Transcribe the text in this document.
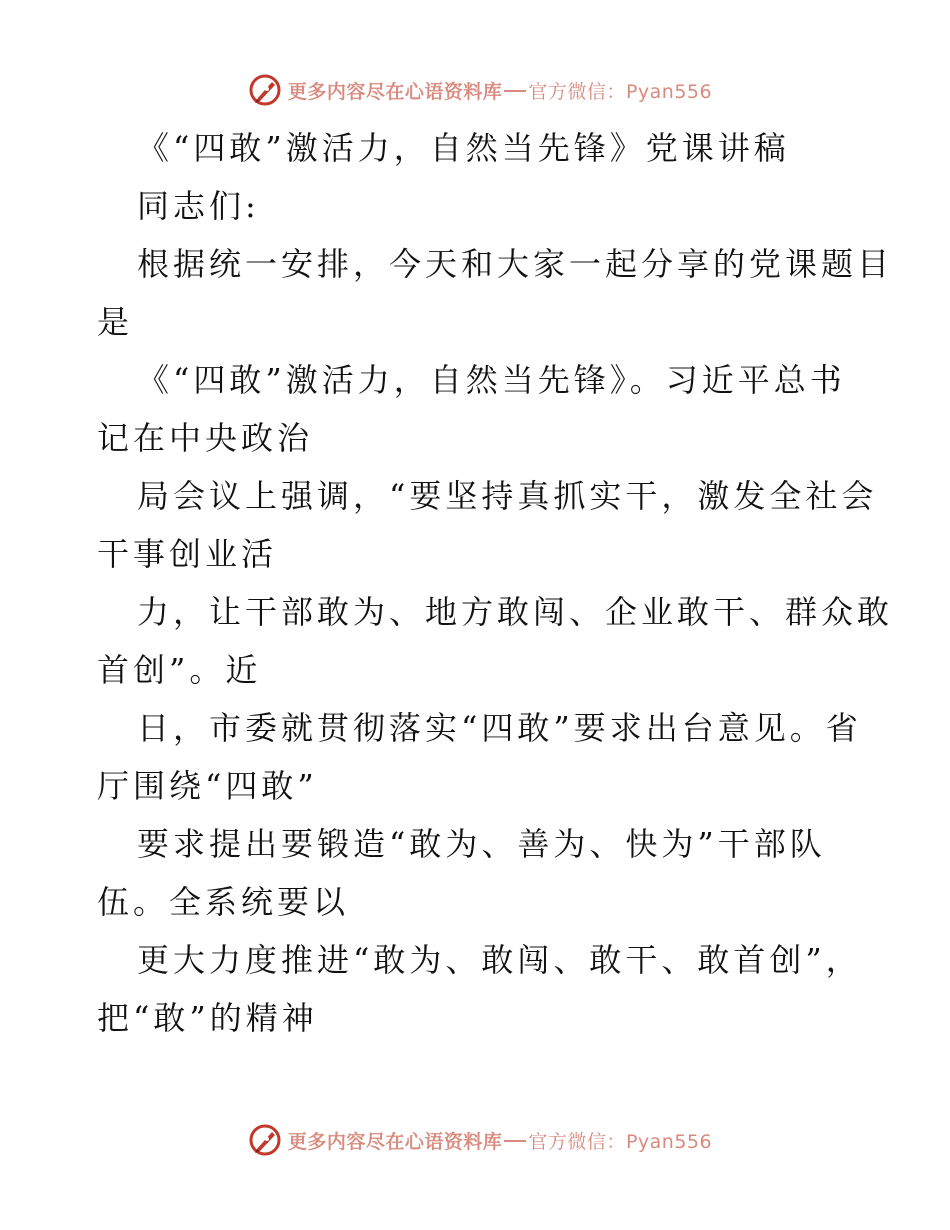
更多内容尽在心语资料库 官方微信：Pyan556
《“四敢”激活力，自然当先锋》党课讲稿
同志们:
根据统一安排，今天和大家一起分享的党课题目
是
《“四敢”激活力，自然当先锋》。习近平总书
记在中央政治
局会议上强调，“要坚持真抓实干，激发全社会
干事创业活
力，让干部敢为、地方敢闯、企业敢干、群众敢
首创”。近
日，市委就贯彻落实“四敢”要求出台意见。省
厅围绕“四敢”
要求提出要锻造“敢为、善为、快为”干部队
伍。全系统要以
更大力度推进“敢为、敢闯、敢干、敢首创”，
把“敢”的精神
更多内容尽在心语资料库 官方微信：Pyan556
